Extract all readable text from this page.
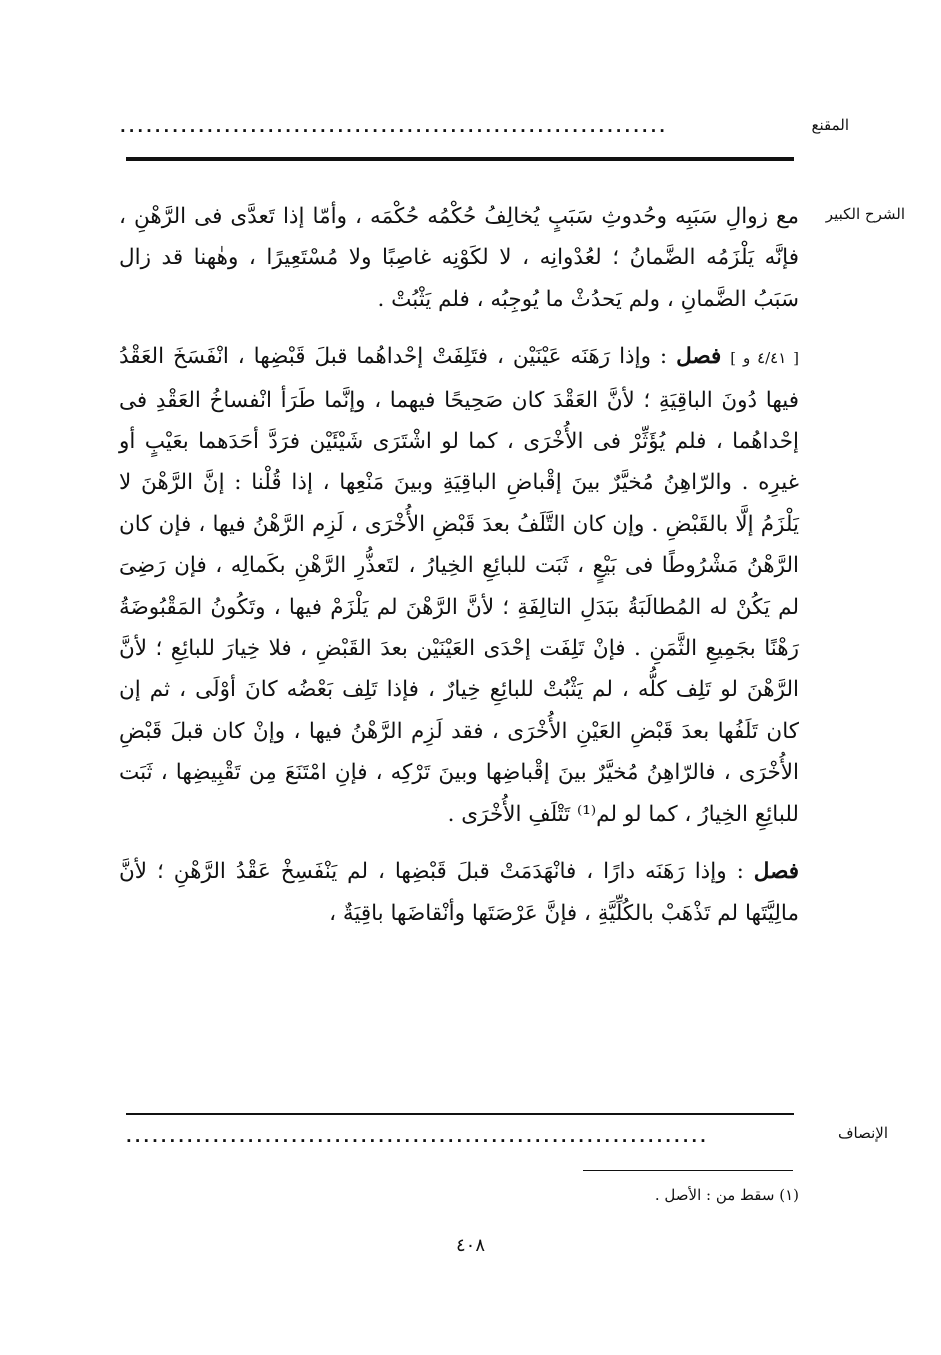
...............................................................	المقنع
الشرح الكبير

مع زوالِ سَبَبِه وحُدوثِ سَبَبٍ يُخالِفُ حُكْمُه حُكْمَه ، وأمّا إذا تَعدَّى فى الرَّهْنِ ، فإنَّه يَلْزَمُه الضَّمانُ ؛ لعُدْوانِه ، لا لكَوْنِه غاصِبًا ولا مُسْتَعِيرًا ، وهٰهنا قد زال سَبَبُ الضَّمانِ ، ولم يَحدُثْ ما يُوجِبُه ، فلم يَثْبُتْ .

[ ٤/٤١ و ] فصل : وإذا رَهَنَه عَيْنَيْن ، فتَلِفَتْ إحْداهُما قبلَ قَبْضِها ، انْفَسَخَ العَقْدُ فيها دُونَ الباقِيَةِ ؛ لأنَّ العَقْدَ كان صَحِيحًا فيهما ، وإنَّما طَرَأ انْفساخُ العَقْدِ فى إحْداهُما ، فلم يُؤَثِّرْ فى الأُخْرَى ، كما لو اشْتَرَى شَيْئَيْن فرَدَّ أحَدَهما بعَيْبٍ أو غيرِه . والرّاهِنُ مُخيَّرٌ بينَ إقْباضِ الباقِيَةِ وبينَ مَنْعِها ، إذا قُلْنا : إنَّ الرَّهْنَ لا يَلْزَمُ إلَّا بالقَبْضِ . وإن كان التَّلَفُ بعدَ قَبْضِ الأُخْرَى ، لَزِم الرَّهْنُ فيها ، فإن كان الرَّهْنُ مَشْرُوطًا فى بَيْعٍ ، ثَبَت للبائِعِ الخِيارُ ، لتَعذُّرِ الرَّهْنِ بكَمالِه ، فإن رَضِىَ لم يَكُنْ له المُطالَبَةُ ببَدَلِ التالِفَةِ ؛ لأنَّ الرَّهْنَ لم يَلْزَمْ فيها ، وتَكُونُ المَقْبُوضَةُ رَهْنًا بجَمِيعِ الثَّمَنِ . فإنْ تَلِفَت إحْدَى العَيْنَيْن بعدَ القَبْضِ ، فلا خِيارَ للبائِعِ ؛ لأنَّ الرَّهْنَ لو تَلِف كلُّه ، لم يَثْبُتْ للبائِعِ خِيارٌ ، فإذا تَلِف بَعْضُه كانَ أوْلَى ، ثم إن كان تَلَفُها بعدَ قَبْضِ العَيْنِ الأُخْرَى ، فقد لَزِم الرَّهْنُ فيها ، وإنْ كان قبلَ قَبْضِ الأُخْرَى ، فالرّاهِنُ مُخيَّرٌ بينَ إقْباضِها وبينَ تَرْكِه ، فإنِ امْتَنَعَ مِن تَقْبِيضِها ، ثَبَت للبائِعِ الخِيارُ ، كما لو لم⁽¹⁾ تَتْلَفِ الأُخْرَى .

فصل : وإذا رَهَنَه دارًا ، فانْهَدَمَتْ قبلَ قَبْضِها ، لم يَنْفَسِخْ عَقْدُ الرَّهْنِ ؛ لأنَّ مالِيَّتَها لم تَذْهَبْ بالكُلِّيَّةِ ، فإنَّ عَرْصَتَها وأنْقاضَها باقِيَةٌ ،

الإنصاف
...................................................................
(١) سقط من : الأصل .
٤٠٨
